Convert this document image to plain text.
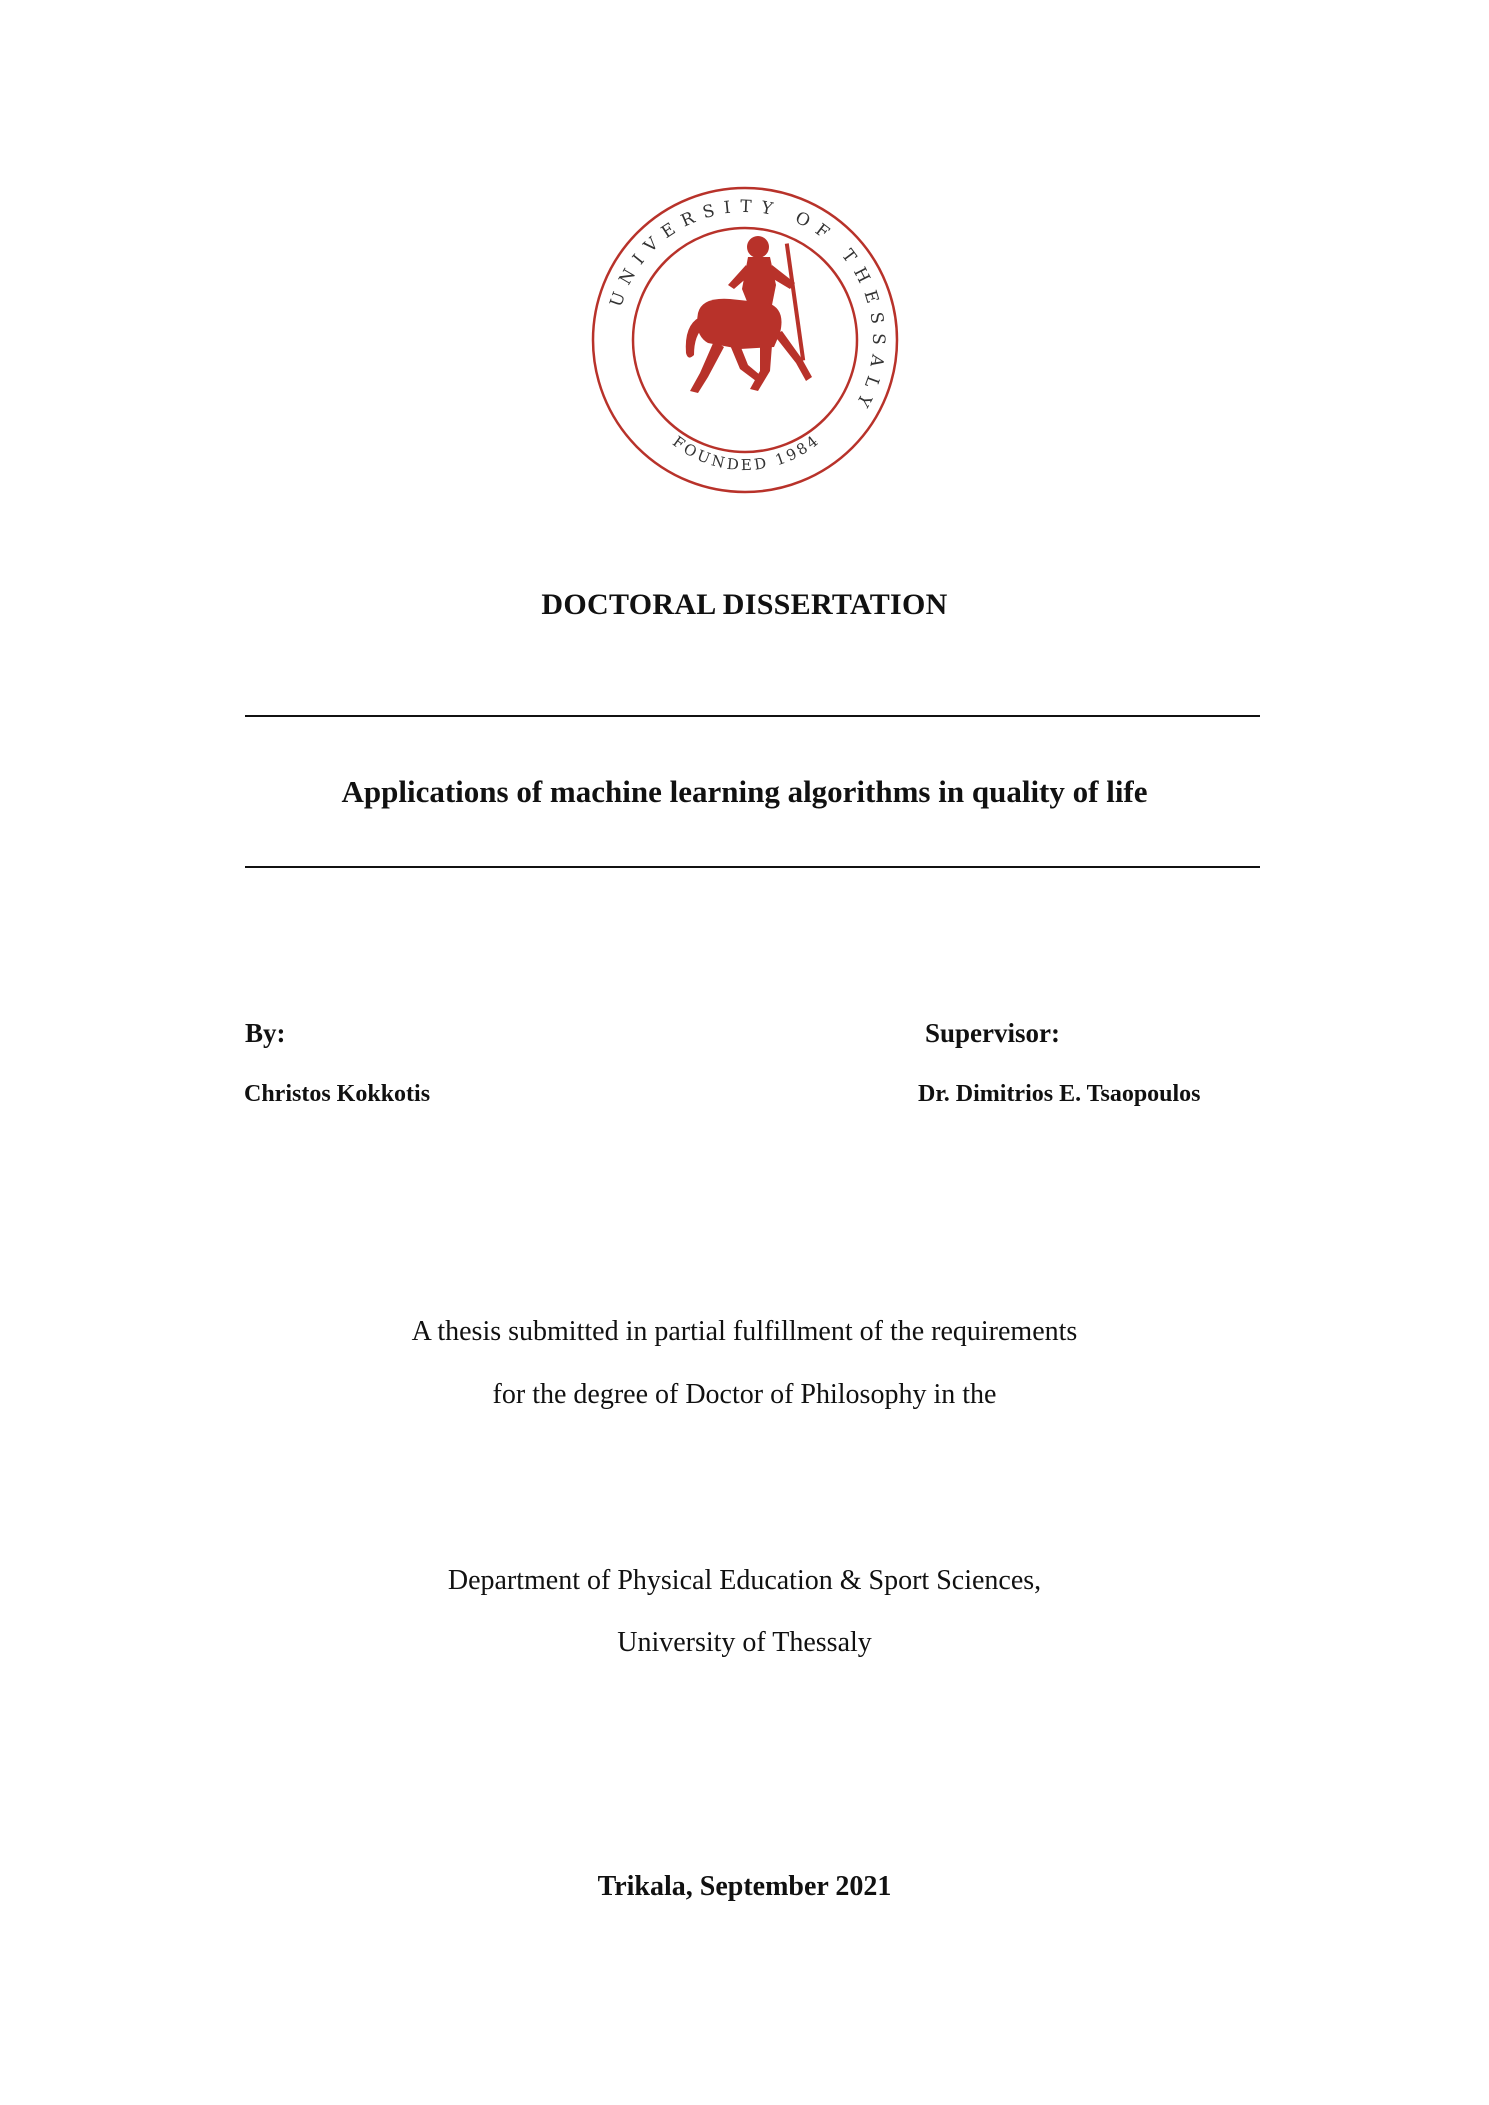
UNIVERSITY OF THESSALY
FOUNDED 1984
DOCTORAL DISSERTATION
Applications of machine learning algorithms in quality of life
By:	Supervisor:
Christos Kokkotis	Dr. Dimitrios E. Tsaopoulos
A thesis submitted in partial fulfillment of the requirements
for the degree of Doctor of Philosophy in the
Department of Physical Education & Sport Sciences,
University of Thessaly
Trikala, September 2021
